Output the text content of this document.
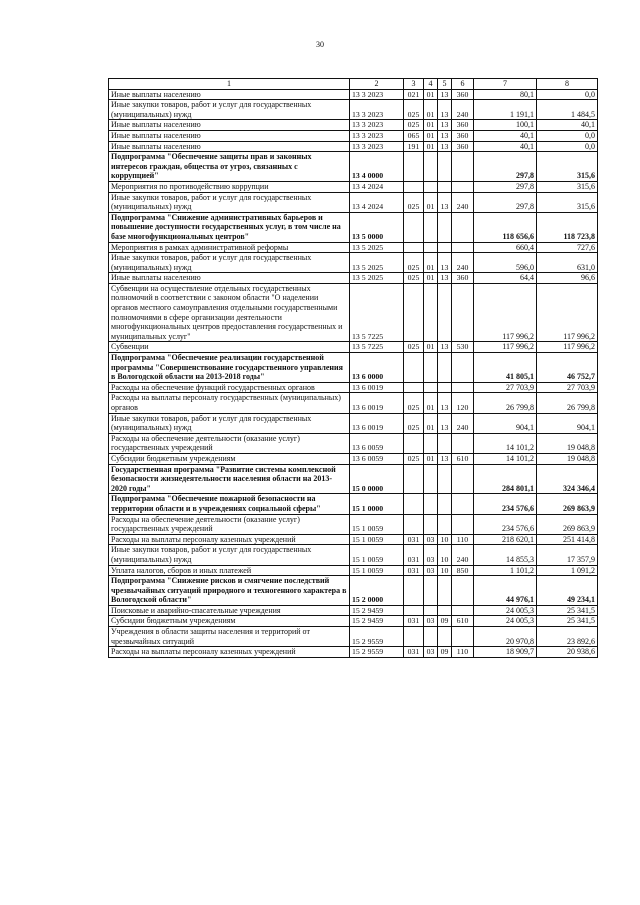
30
1	2	3	4	5	6	7	8
Иные выплаты населению	13 3 2023	021	01	13	360	80,1	0,0
Иные закупки товаров, работ и услуг для государственных (муниципальных) нужд	13 3 2023	025	01	13	240	1 191,1	1 484,5
Иные выплаты населению	13 3 2023	025	01	13	360	100,1	40,1
Иные выплаты населению	13 3 2023	065	01	13	360	40,1	0,0
Иные выплаты населению	13 3 2023	191	01	13	360	40,1	0,0
Подпрограмма "Обеспечение защиты прав и законных интересов граждан, общества от угроз, связанных с коррупцией"	13 4 0000					297,8	315,6
Мероприятия по противодействию коррупции	13 4 2024					297,8	315,6
Иные закупки товаров, работ и услуг для государственных (муниципальных) нужд	13 4 2024	025	01	13	240	297,8	315,6
Подпрограмма "Снижение административных барьеров и повышение доступности государственных услуг, в том числе на базе многофункциональных центров"	13 5 0000					118 656,6	118 723,8
Мероприятия в рамках административной реформы	13 5 2025					660,4	727,6
Иные закупки товаров, работ и услуг для государственных (муниципальных) нужд	13 5 2025	025	01	13	240	596,0	631,0
Иные выплаты населению	13 5 2025	025	01	13	360	64,4	96,6
Субвенции на осуществление отдельных государственных полномочий в соответствии с законом области "О наделении органов местного самоуправления отдельными государственными полномочиями в сфере организации деятельности многофункциональных центров предоставления государственных и муниципальных услуг"	13 5 7225					117 996,2	117 996,2
Субвенции	13 5 7225	025	01	13	530	117 996,2	117 996,2
Подпрограмма "Обеспечение реализации государственной программы "Совершенствование государственного управления в Вологодской области на 2013-2018 годы"	13 6 0000					41 805,1	46 752,7
Расходы на обеспечение функций государственных органов	13 6 0019					27 703,9	27 703,9
Расходы на выплаты персоналу государственных (муниципальных) органов	13 6 0019	025	01	13	120	26 799,8	26 799,8
Иные закупки товаров, работ и услуг для государственных (муниципальных) нужд	13 6 0019	025	01	13	240	904,1	904,1
Расходы на обеспечение деятельности (оказание услуг) государственных учреждений	13 6 0059					14 101,2	19 048,8
Субсидии бюджетным учреждениям	13 6 0059	025	01	13	610	14 101,2	19 048,8
Государственная программа "Развитие системы комплексной безопасности жизнедеятельности населения области на 2013-2020 годы"	15 0 0000					284 801,1	324 346,4
Подпрограмма "Обеспечение пожарной безопасности на территории области и в учреждениях социальной сферы"	15 1 0000					234 576,6	269 863,9
Расходы на обеспечение деятельности (оказание услуг) государственных учреждений	15 1 0059					234 576,6	269 863,9
Расходы на выплаты персоналу казенных учреждений	15 1 0059	031	03	10	110	218 620,1	251 414,8
Иные закупки товаров, работ и услуг для государственных (муниципальных) нужд	15 1 0059	031	03	10	240	14 855,3	17 357,9
Уплата налогов, сборов и иных платежей	15 1 0059	031	03	10	850	1 101,2	1 091,2
Подпрограмма "Снижение рисков и смягчение последствий чрезвычайных ситуаций природного и техногенного характера в Вологодской области"	15 2 0000					44 976,1	49 234,1
Поисковые и аварийно-спасательные учреждения	15 2 9459					24 005,3	25 341,5
Субсидии бюджетным учреждениям	15 2 9459	031	03	09	610	24 005,3	25 341,5
Учреждения в области защиты населения и территорий от чрезвычайных ситуаций	15 2 9559					20 970,8	23 892,6
Расходы на выплаты персоналу казенных учреждений	15 2 9559	031	03	09	110	18 909,7	20 938,6
